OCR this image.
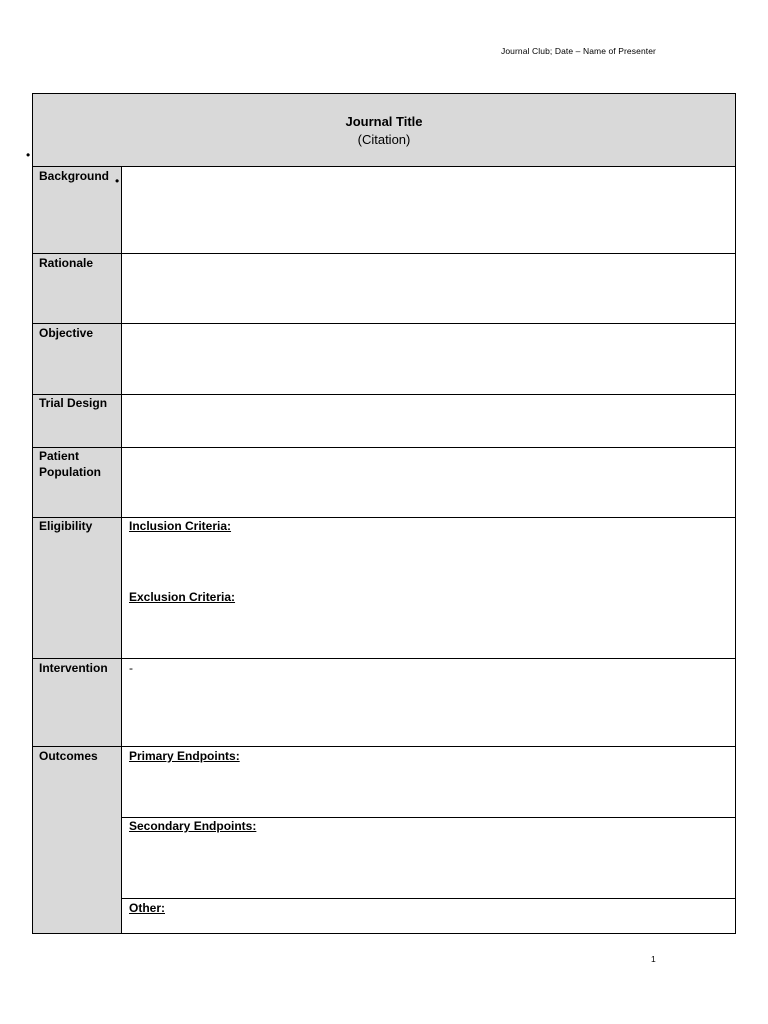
Journal Club; Date – Name of Presenter
•
Journal Title
(Citation)
Background •
Rationale
Objective
Trial Design
Patient
Population
Eligibility	Inclusion Criteria:
Exclusion Criteria:
Intervention	-
Outcomes	Primary Endpoints:
Secondary Endpoints:
Other:
1
